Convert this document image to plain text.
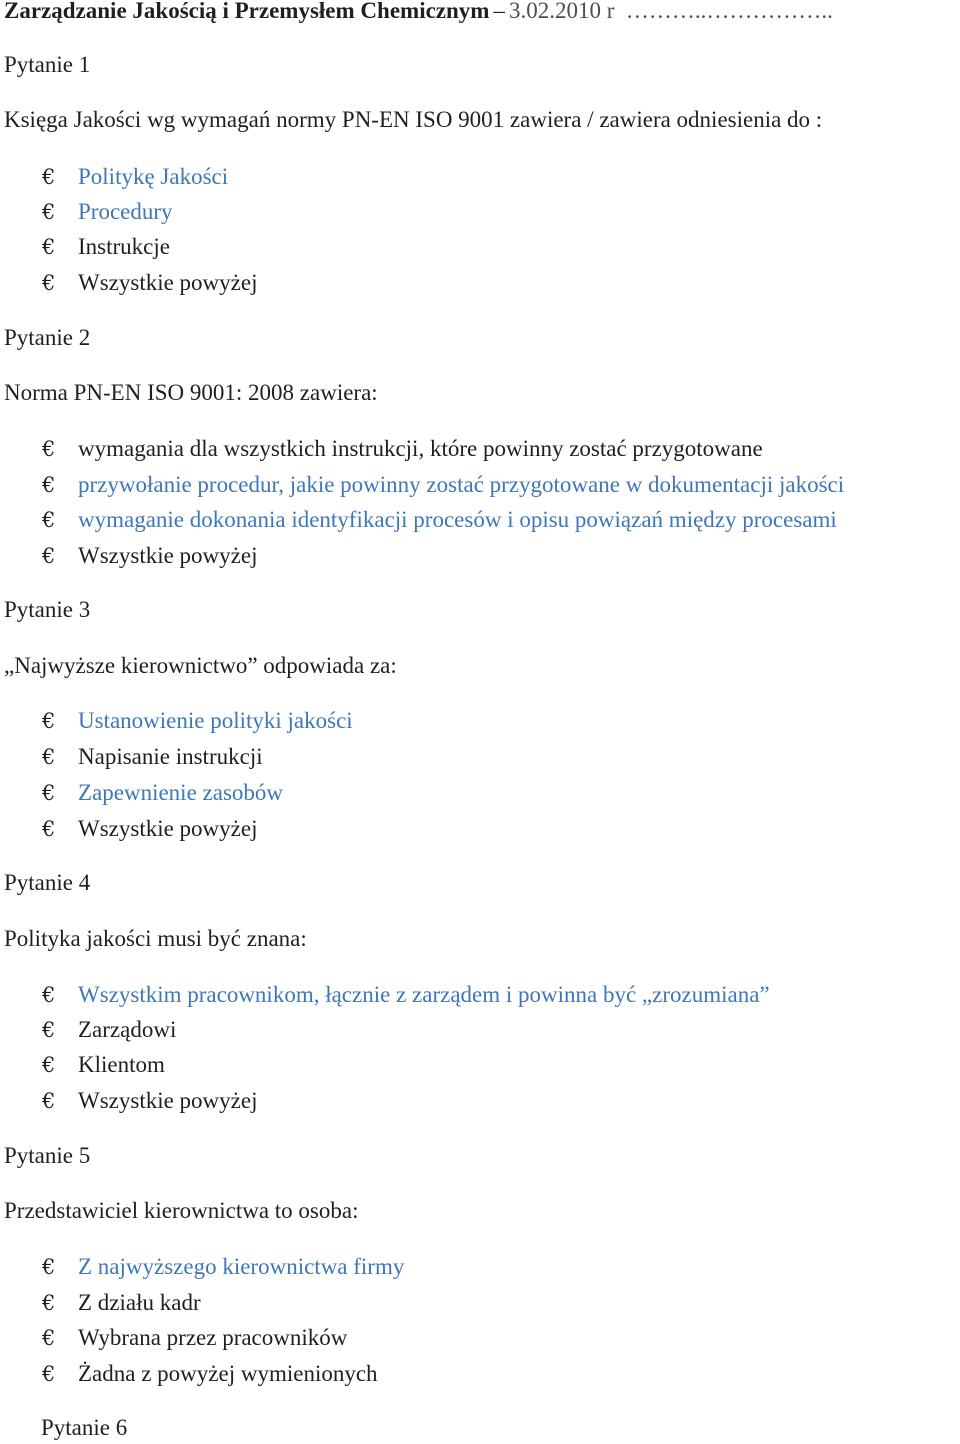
Zarządzanie Jakością i Przemysłem Chemicznym – 3.02.2010 r ………..……………..
Pytanie 1
Księga Jakości wg wymagań normy PN-EN ISO 9001 zawiera / zawiera odniesienia do :
€ Politykę Jakości
€ Procedury
€ Instrukcje
€ Wszystkie powyżej
Pytanie 2
Norma PN-EN ISO 9001: 2008 zawiera:
€ wymagania dla wszystkich instrukcji, które powinny zostać przygotowane
€ przywołanie procedur, jakie powinny zostać przygotowane w dokumentacji jakości
€ wymaganie dokonania identyfikacji procesów i opisu powiązań między procesami
€ Wszystkie powyżej
Pytanie 3
„Najwyższe kierownictwo” odpowiada za:
€ Ustanowienie polityki jakości
€ Napisanie instrukcji
€ Zapewnienie zasobów
€ Wszystkie powyżej
Pytanie 4
Polityka jakości musi być znana:
€ Wszystkim pracownikom, łącznie z zarządem i powinna być „zrozumiana”
€ Zarządowi
€ Klientom
€ Wszystkie powyżej
Pytanie 5
Przedstawiciel kierownictwa to osoba:
€ Z najwyższego kierownictwa firmy
€ Z działu kadr
€ Wybrana przez pracowników
€ Żadna z powyżej wymienionych
Pytanie 6
